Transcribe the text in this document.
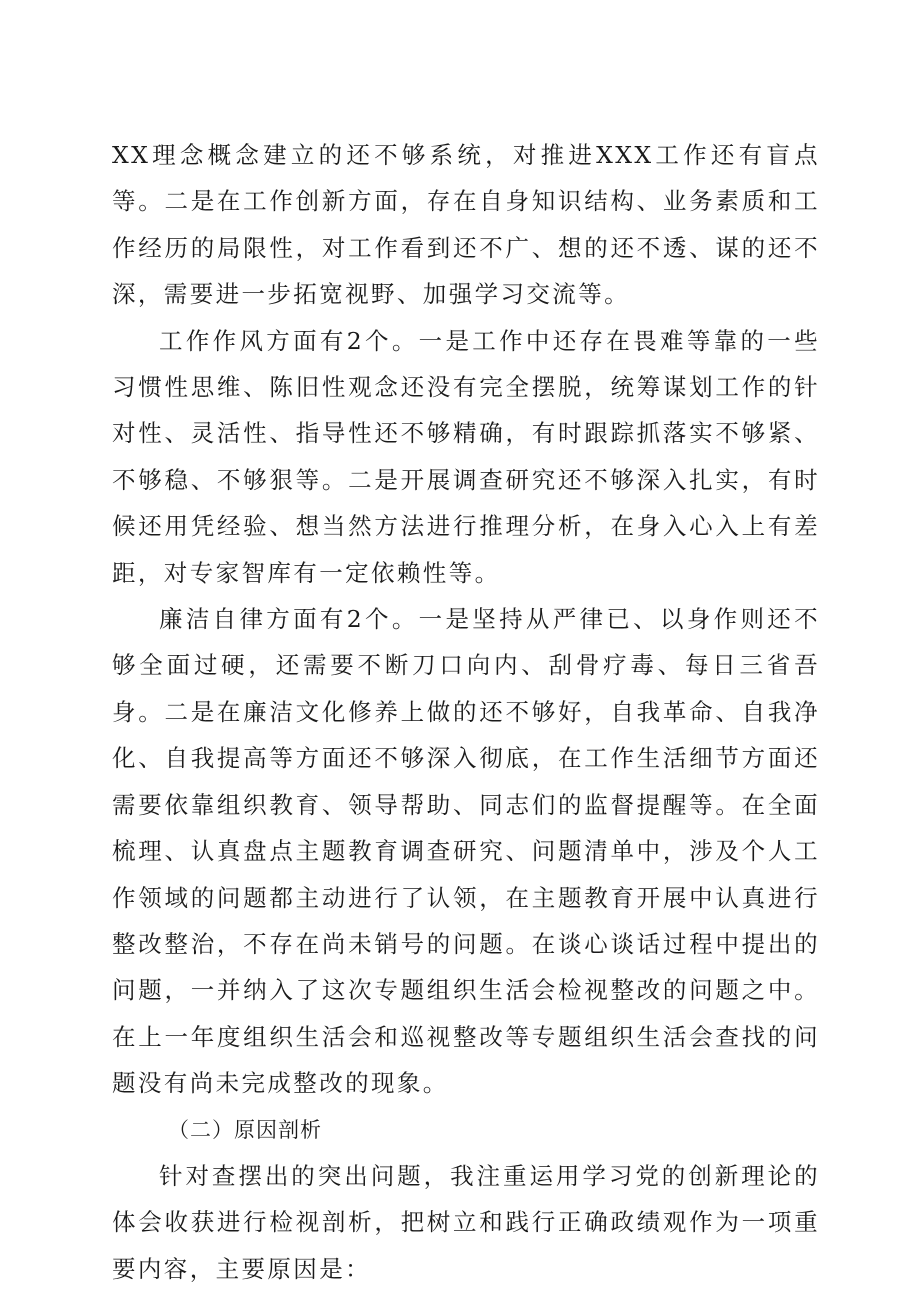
XX理念概念建立的还不够系统，对推进XXX工作还有盲点等。二是在工作创新方面，存在自身知识结构、业务素质和工作经历的局限性，对工作看到还不广、想的还不透、谋的还不深，需要进一步拓宽视野、加强学习交流等。

工作作风方面有2个。一是工作中还存在畏难等靠的一些习惯性思维、陈旧性观念还没有完全摆脱，统筹谋划工作的针对性、灵活性、指导性还不够精确，有时跟踪抓落实不够紧、不够稳、不够狠等。二是开展调查研究还不够深入扎实，有时候还用凭经验、想当然方法进行推理分析，在身入心入上有差距，对专家智库有一定依赖性等。

廉洁自律方面有2个。一是坚持从严律已、以身作则还不够全面过硬，还需要不断刀口向内、刮骨疗毒、每日三省吾身。二是在廉洁文化修养上做的还不够好，自我革命、自我净化、自我提高等方面还不够深入彻底，在工作生活细节方面还需要依靠组织教育、领导帮助、同志们的监督提醒等。在全面梳理、认真盘点主题教育调查研究、问题清单中，涉及个人工作领域的问题都主动进行了认领，在主题教育开展中认真进行整改整治，不存在尚未销号的问题。在谈心谈话过程中提出的问题，一并纳入了这次专题组织生活会检视整改的问题之中。在上一年度组织生活会和巡视整改等专题组织生活会查找的问题没有尚未完成整改的现象。

（二）原因剖析

针对查摆出的突出问题，我注重运用学习党的创新理论的体会收获进行检视剖析，把树立和践行正确政绩观作为一项重要内容，主要原因是：
